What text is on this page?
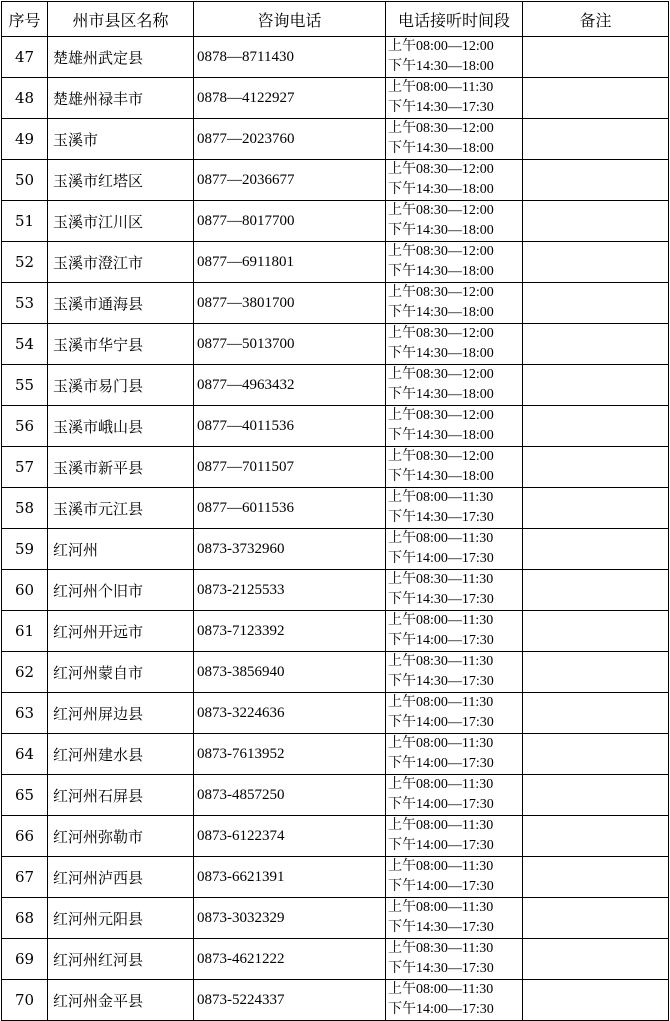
序号	州市县区名称	咨询电话	电话接听时间段	备注
47	楚雄州武定县	0878—8711430	上午08:00—12:00
下午14:30—18:00	

48	楚雄州禄丰市	0878—4122927	上午08:00—11:30
下午14:30—17:30	

49	玉溪市	0877—2023760	上午08:30—12:00
下午14:30—18:00	

50	玉溪市红塔区	0877—2036677	上午08:30—12:00
下午14:30—18:00	

51	玉溪市江川区	0877—8017700	上午08:30—12:00
下午14:30—18:00	

52	玉溪市澄江市	0877—6911801	上午08:30—12:00
下午14:30—18:00	

53	玉溪市通海县	0877—3801700	上午08:30—12:00
下午14:30—18:00	

54	玉溪市华宁县	0877—5013700	上午08:30—12:00
下午14:30—18:00	

55	玉溪市易门县	0877—4963432	上午08:30—12:00
下午14:30—18:00	

56	玉溪市峨山县	0877—4011536	上午08:30—12:00
下午14:30—18:00	

57	玉溪市新平县	0877—7011507	上午08:30—12:00
下午14:30—18:00	

58	玉溪市元江县	0877—6011536	上午08:00—11:30
下午14:30—17:30	

59	红河州	0873-3732960	上午08:00—11:30
下午14:00—17:30	

60	红河州个旧市	0873-2125533	上午08:30—11:30
下午14:30—17:30	

61	红河州开远市	0873-7123392	上午08:00—11:30
下午14:00—17:30	

62	红河州蒙自市	0873-3856940	上午08:30—11:30
下午14:30—17:30	

63	红河州屏边县	0873-3224636	上午08:00—11:30
下午14:00—17:30	

64	红河州建水县	0873-7613952	上午08:00—11:30
下午14:00—17:30	

65	红河州石屏县	0873-4857250	上午08:00—11:30
下午14:00—17:30	

66	红河州弥勒市	0873-6122374	上午08:00—11:30
下午14:00—17:30	

67	红河州泸西县	0873-6621391	上午08:00—11:30
下午14:00—17:30	

68	红河州元阳县	0873-3032329	上午08:00—11:30
下午14:30—17:30	

69	红河州红河县	0873-4621222	上午08:30—11:30
下午14:30—17:30	

70	红河州金平县	0873-5224337	上午08:00—11:30
下午14:00—17:30	
